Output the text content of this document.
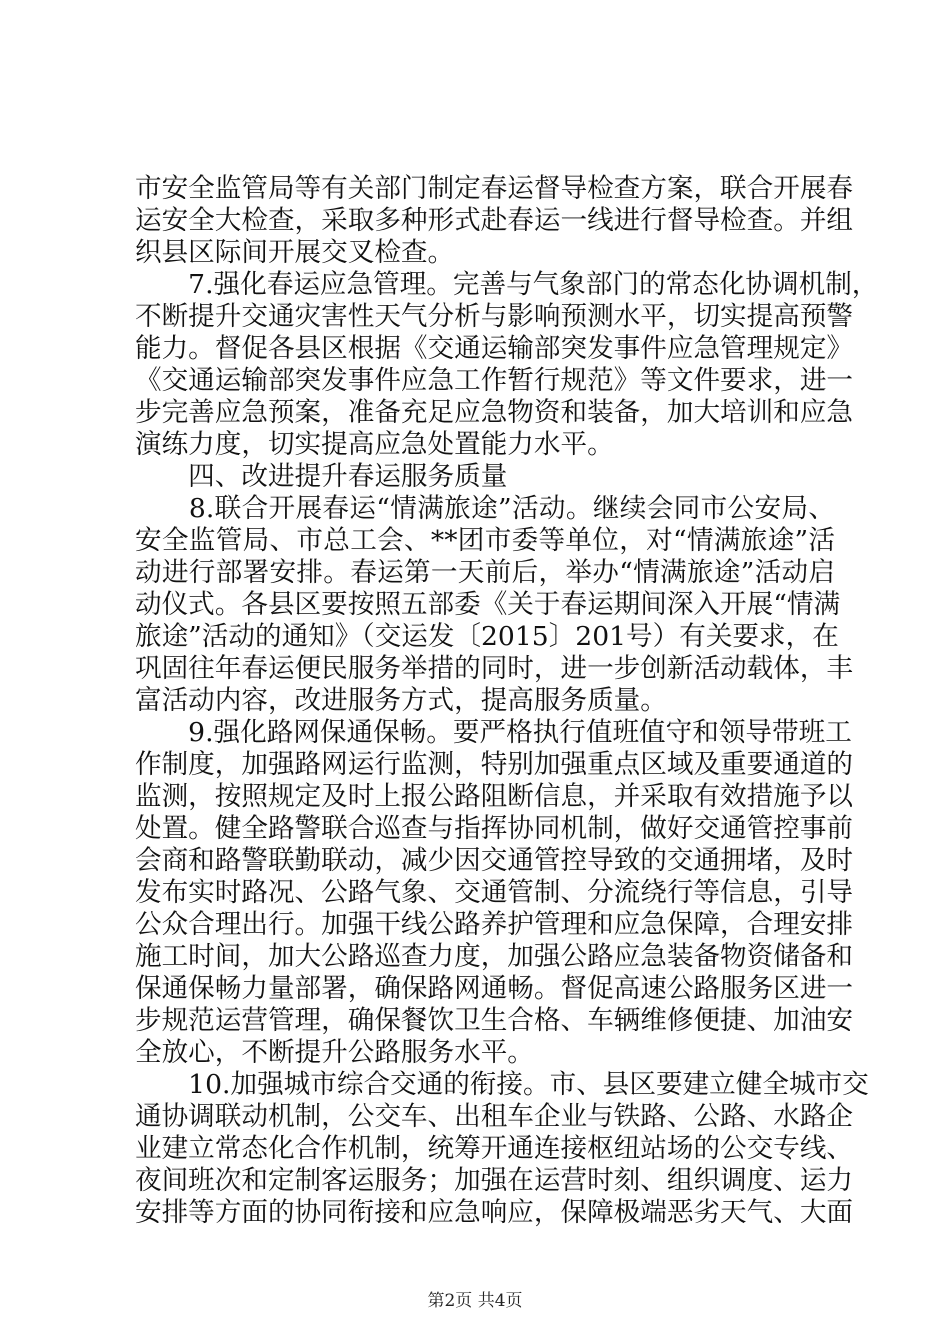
市安全监管局等有关部门制定春运督导检查方案，联合开展春
运安全大检查，采取多种形式赴春运一线进行督导检查。并组
织县区际间开展交叉检查。
　　7.强化春运应急管理。完善与气象部门的常态化协调机制，
不断提升交通灾害性天气分析与影响预测水平，切实提高预警
能力。督促各县区根据《交通运输部突发事件应急管理规定》
《交通运输部突发事件应急工作暂行规范》等文件要求，进一
步完善应急预案，准备充足应急物资和装备，加大培训和应急
演练力度，切实提高应急处置能力水平。
　　四、改进提升春运服务质量
　　8.联合开展春运“情满旅途”活动。继续会同市公安局、
安全监管局、市总工会、**团市委等单位，对“情满旅途”活
动进行部署安排。春运第一天前后，举办“情满旅途”活动启
动仪式。各县区要按照五部委《关于春运期间深入开展“情满
旅途”活动的通知》（交运发〔2015〕201号）有关要求，在
巩固往年春运便民服务举措的同时，进一步创新活动载体，丰
富活动内容，改进服务方式，提高服务质量。
　　9.强化路网保通保畅。要严格执行值班值守和领导带班工
作制度，加强路网运行监测，特别加强重点区域及重要通道的
监测，按照规定及时上报公路阻断信息，并采取有效措施予以
处置。健全路警联合巡查与指挥协同机制，做好交通管控事前
会商和路警联勤联动，减少因交通管控导致的交通拥堵，及时
发布实时路况、公路气象、交通管制、分流绕行等信息，引导
公众合理出行。加强干线公路养护管理和应急保障，合理安排
施工时间，加大公路巡查力度，加强公路应急装备物资储备和
保通保畅力量部署，确保路网通畅。督促高速公路服务区进一
步规范运营管理，确保餐饮卫生合格、车辆维修便捷、加油安
全放心，不断提升公路服务水平。
　　10.加强城市综合交通的衔接。市、县区要建立健全城市交
通协调联动机制，公交车、出租车企业与铁路、公路、水路企
业建立常态化合作机制，统筹开通连接枢纽站场的公交专线、
夜间班次和定制客运服务；加强在运营时刻、组织调度、运力
安排等方面的协同衔接和应急响应，保障极端恶劣天气、大面
第2页 共4页
